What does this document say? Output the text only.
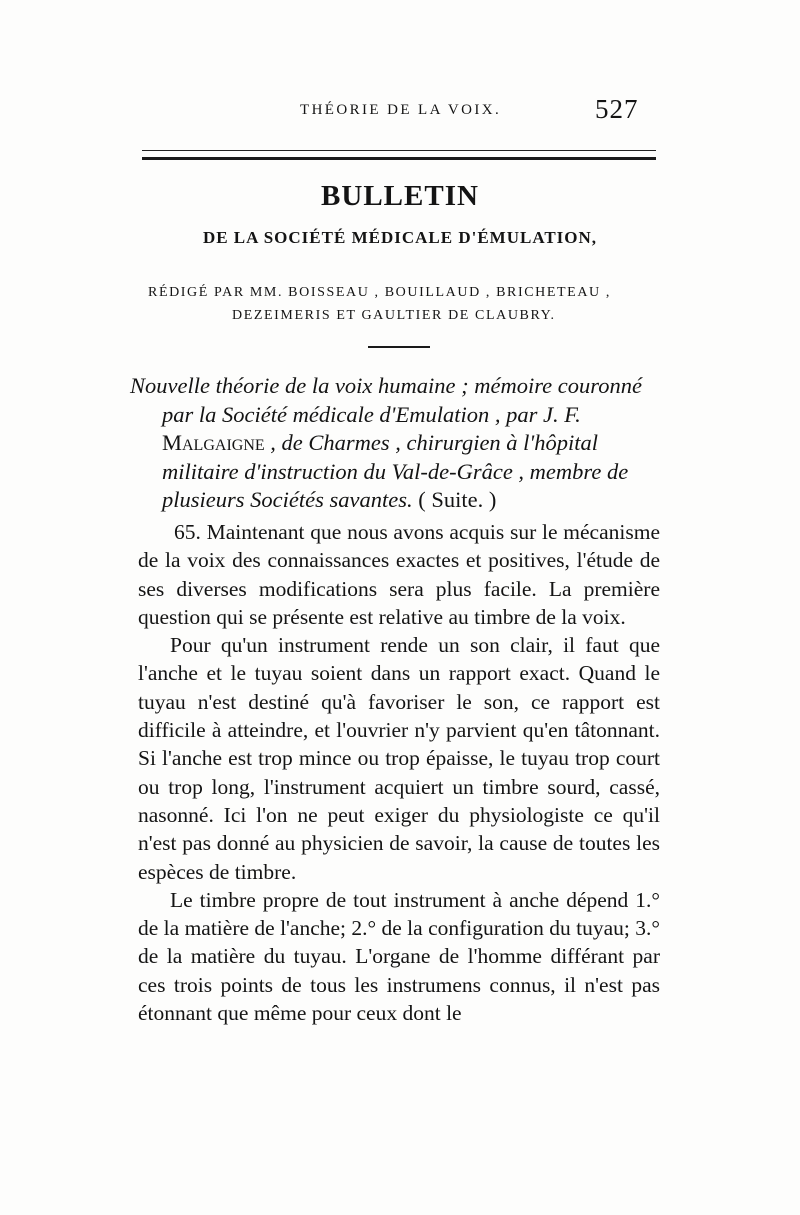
THÉORIE DE LA VOIX.	527
BULLETIN
DE LA SOCIÉTÉ MÉDICALE D'ÉMULATION,
RÉDIGÉ PAR MM. BOISSEAU , BOUILLAUD , BRICHETEAU ,
DEZEIMERIS ET GAULTIER DE CLAUBRY.
Nouvelle théorie de la voix humaine ; mémoire couronné
par la Société médicale d'Emulation , par J. F.
Malgaigne , de Charmes , chirurgien à l'hôpital
militaire d'instruction du Val-de-Grâce , membre de
plusieurs Sociétés savantes. ( Suite. )

65. Maintenant que nous avons acquis sur le mécanisme de la voix des connaissances exactes et positives, l'étude de ses diverses modifications sera plus facile. La première question qui se présente est relative au timbre de la voix.

Pour qu'un instrument rende un son clair, il faut que l'anche et le tuyau soient dans un rapport exact. Quand le tuyau n'est destiné qu'à favoriser le son, ce rapport est difficile à atteindre, et l'ouvrier n'y parvient qu'en tâtonnant. Si l'anche est trop mince ou trop épaisse, le tuyau trop court ou trop long, l'instrument acquiert un timbre sourd, cassé, nasonné. Ici l'on ne peut exiger du physiologiste ce qu'il n'est pas donné au physicien de savoir, la cause de toutes les espèces de timbre.

Le timbre propre de tout instrument à anche dépend 1.° de la matière de l'anche; 2.° de la configuration du tuyau; 3.° de la matière du tuyau. L'organe de l'homme différant par ces trois points de tous les instrumens connus, il n'est pas étonnant que même pour ceux dont le
